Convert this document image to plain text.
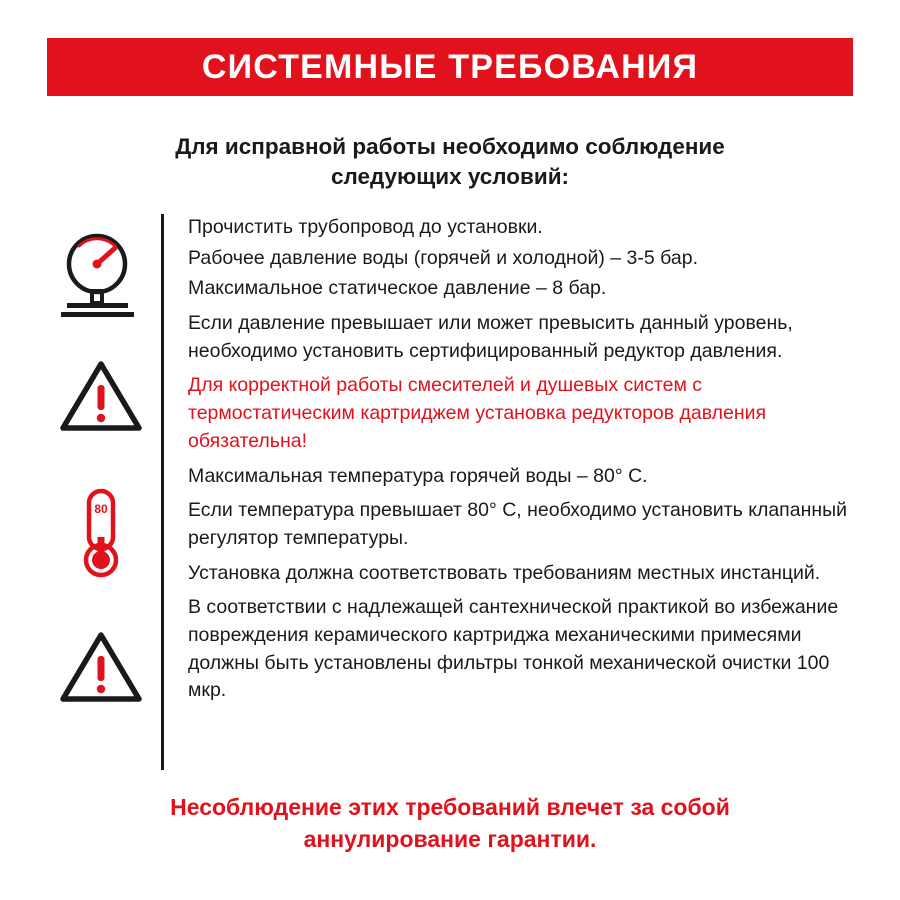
СИСТЕМНЫЕ ТРЕБОВАНИЯ
Для исправной работы необходимо соблюдение
следующих условий:
80

Прочистить трубопровод до установки.

Рабочее давление воды (горячей и холодной) – 3-5 бар.

Максимальное статическое давление – 8 бар.

Если давление превышает или может превысить данный уровень, необходимо установить сертифицированный редуктор давления.

Для корректной работы смесителей и душевых систем с термостатическим картриджем установка редукторов давления обязательна!

Максимальная температура горячей воды – 80° С.

Если температура превышает 80° С, необходимо установить клапанный регулятор температуры.

Установка должна соответствовать требованиям местных инстанций.

В соответствии с надлежащей сантехнической практикой во избежание повреждения керамического картриджа механическими примесями должны быть установлены фильтры тонкой механической очистки 100 мкр.

Несоблюдение этих требований влечет за собой
аннулирование гарантии.
